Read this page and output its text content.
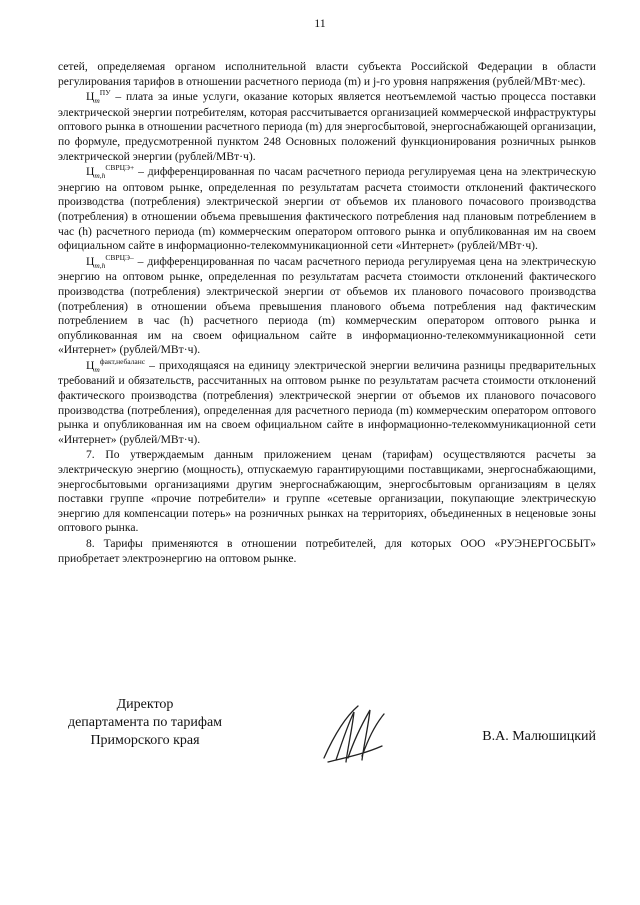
11

сетей, определяемая органом исполнительной власти субъекта Российской Федерации в области регулирования тарифов в отношении расчетного периода (m) и j-го уровня напряжения (рублей/МВт·мес).

$Ц_m^{ПУ}$ – плата за иные услуги, оказание которых является неотъемлемой частью процесса поставки электрической энергии потребителям, которая рассчитывается организацией коммерческой инфраструктуры оптового рынка в отношении расчетного периода (m) для энергосбытовой, энергоснабжающей организации, по формуле, предусмотренной пунктом 248 Основных положений функционирования розничных рынков электрической энергии (рублей/МВт·ч).

$Ц_{m,h}^{СВРЦЭ+}$ – дифференцированная по часам расчетного периода регулируемая цена на электрическую энергию на оптовом рынке, определенная по результатам расчета стоимости отклонений фактического производства (потребления) электрической энергии от объемов их планового почасового производства (потребления) в отношении объема превышения фактического потребления над плановым потреблением в час (h) расчетного периода (m) коммерческим оператором оптового рынка и опубликованная им на своем официальном сайте в информационно-телекоммуникационной сети «Интернет» (рублей/МВт·ч).

$Ц_{m,h}^{СВРЦЭ-}$ – дифференцированная по часам расчетного периода регулируемая цена на электрическую энергию на оптовом рынке, определенная по результатам расчета стоимости отклонений фактического производства (потребления) электрической энергии от объемов их планового почасового производства (потребления) в отношении объема превышения планового объема потребления над фактическим потреблением в час (h) расчетного периода (m) коммерческим оператором оптового рынка и опубликованная им на своем официальном сайте в информационно-телекоммуникационной сети «Интернет» (рублей/МВт·ч).

$Ц_m^{факт,небаланс}$ – приходящаяся на единицу электрической энергии величина разницы предварительных требований и обязательств, рассчитанных на оптовом рынке по результатам расчета стоимости отклонений фактического производства (потребления) электрической энергии от объемов их планового почасового производства (потребления), определенная для расчетного периода (m) коммерческим оператором оптового рынка и опубликованная им на своем официальном сайте в информационно-телекоммуникационной сети «Интернет» (рублей/МВт·ч).

7. По утверждаемым данным приложением ценам (тарифам) осуществляются расчеты за электрическую энергию (мощность), отпускаемую гарантирующими поставщиками, энергоснабжающими, энергосбытовыми организациями другим энергоснабжающим, энергосбытовым организациям в целях поставки группе «прочие потребители» и группе «сетевые организации, покупающие электрическую энергию для компенсации потерь» на розничных рынках на территориях, объединенных в неценовые зоны оптового рынка.

8. Тарифы применяются в отношении потребителей, для которых ООО «РУЭНЕРГОСБЫТ» приобретает электроэнергию на оптовом рынке.

Директор
департамента по тарифам
Приморского края	В.А. Малюшицкий
